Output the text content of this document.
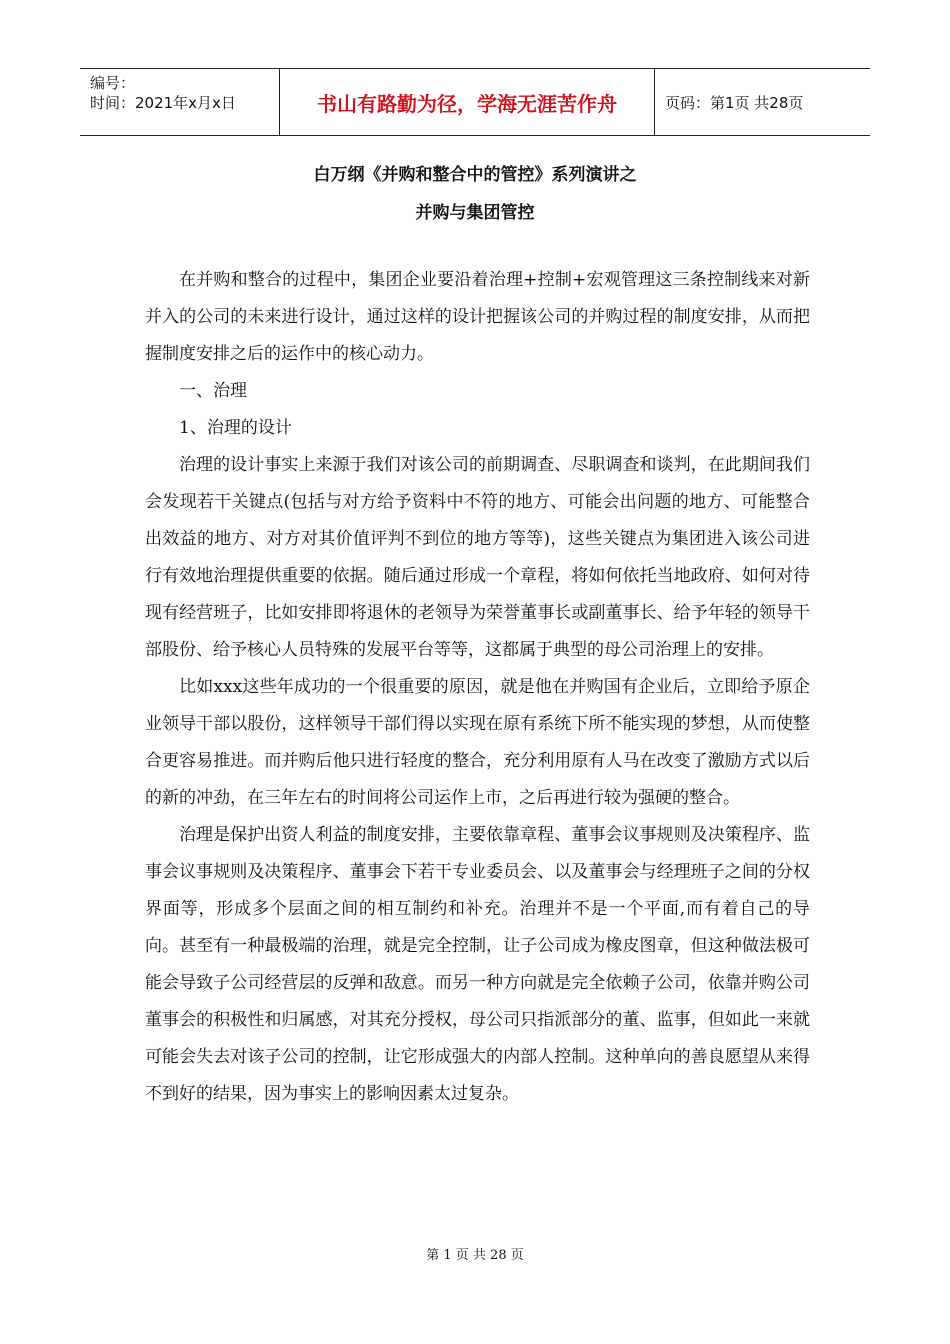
编号：
时间：2021年x月x日	书山有路勤为径，学海无涯苦作舟	页码：第1页 共28页
白万纲《并购和整合中的管控》系列演讲之
并购与集团管控

在并购和整合的过程中，集团企业要沿着治理+控制+宏观管理这三条控制线来对新并入的公司的未来进行设计，通过这样的设计把握该公司的并购过程的制度安排，从而把握制度安排之后的运作中的核心动力。

一、治理

1、治理的设计

治理的设计事实上来源于我们对该公司的前期调查、尽职调查和谈判，在此期间我们会发现若干关键点(包括与对方给予资料中不符的地方、可能会出问题的地方、可能整合出效益的地方、对方对其价值评判不到位的地方等等)，这些关键点为集团进入该公司进行有效地治理提供重要的依据。随后通过形成一个章程，将如何依托当地政府、如何对待现有经营班子，比如安排即将退休的老领导为荣誉董事长或副董事长、给予年轻的领导干部股份、给予核心人员特殊的发展平台等等，这都属于典型的母公司治理上的安排。

比如xxx这些年成功的一个很重要的原因，就是他在并购国有企业后，立即给予原企业领导干部以股份，这样领导干部们得以实现在原有系统下所不能实现的梦想，从而使整合更容易推进。而并购后他只进行轻度的整合，充分利用原有人马在改变了激励方式以后的新的冲劲，在三年左右的时间将公司运作上市，之后再进行较为强硬的整合。

治理是保护出资人利益的制度安排，主要依靠章程、董事会议事规则及决策程序、监事会议事规则及决策程序、董事会下若干专业委员会、以及董事会与经理班子之间的分权界面等，形成多个层面之间的相互制约和补充。治理并不是一个平面,而有着自己的导向。甚至有一种最极端的治理，就是完全控制，让子公司成为橡皮图章，但这种做法极可能会导致子公司经营层的反弹和敌意。而另一种方向就是完全依赖子公司，依靠并购公司董事会的积极性和归属感，对其充分授权，母公司只指派部分的董、监事，但如此一来就可能会失去对该子公司的控制，让它形成强大的内部人控制。这种单向的善良愿望从来得不到好的结果，因为事实上的影响因素太过复杂。

第 1 页 共 28 页
